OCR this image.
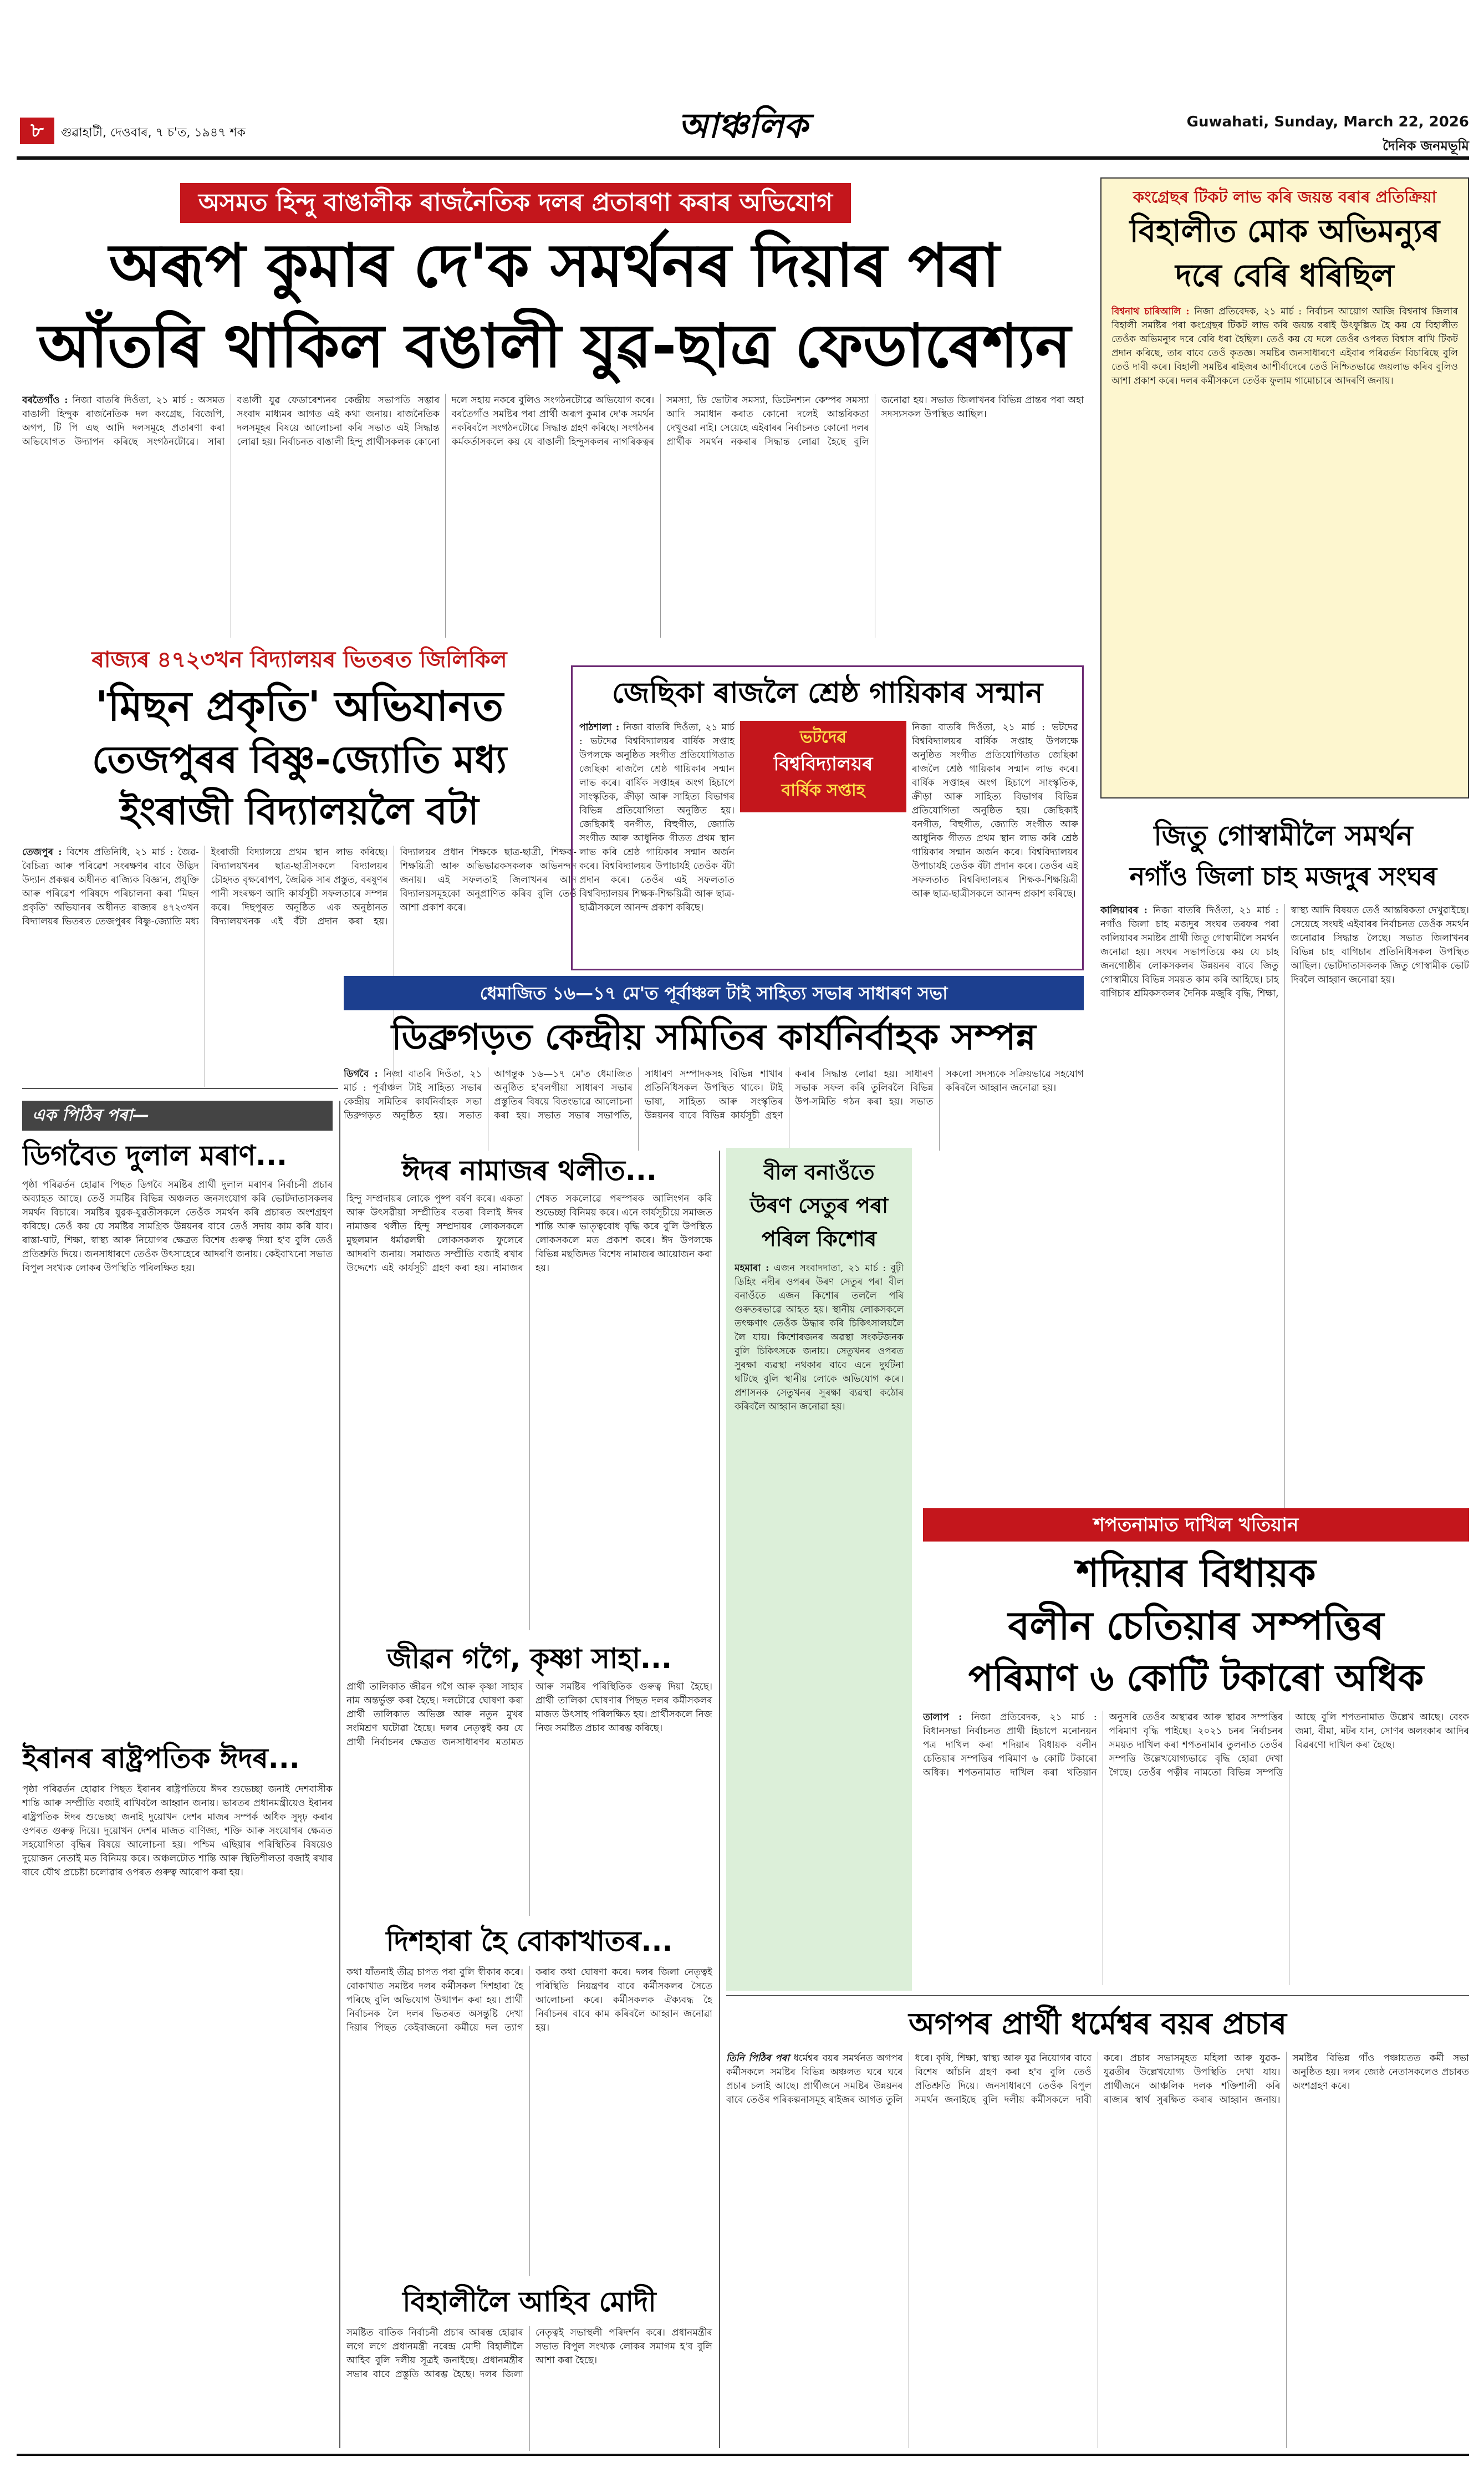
৮	গুৱাহাটী, দেওবাৰ, ৭ চ'ত, ১৯৪৭ শক	আঞ্চলিক	Guwahati, Sunday, March 22, 2026
দৈনিক জনমভূমি
অসমত হিন্দু বাঙালীক ৰাজনৈতিক দলৰ প্ৰতাৰণা কৰাৰ অভিযোগ
অৰূপ কুমাৰ দে'ক সমৰ্থনৰ দিয়াৰ পৰা
আঁতৰি থাকিল বঙালী যুৱ-ছাত্ৰ ফেডাৰেশ্যন
বৰতৈগাঁও : নিজা বাতৰি দিওঁতা, ২১ মাৰ্চ : অসমত বাঙালী হিন্দুক ৰাজনৈতিক দল কংগ্ৰেছ, বিজেপি, অগপ, টি পি এছ আদি দলসমূহে প্ৰতাৰণা কৰা অভিযোগত উদ্যাপন কৰিছে সংগঠনটোৱে। সাৰা বঙালী যুৱ ফেডাৰেশ্যনৰ কেন্দ্ৰীয় সভাপতি সম্ভাৰ সংবাদ মাধ্যমৰ আগত এই কথা জনায়। ৰাজনৈতিক দলসমূহৰ বিষয়ে আলোচনা কৰি সভাত এই সিদ্ধান্ত লোৱা হয়। নিৰ্বাচনত বাঙালী হিন্দু প্ৰাৰ্থীসকলক কোনো দলে সহায় নকৰে বুলিও সংগঠনটোৱে অভিযোগ কৰে। বৰতৈগাঁও সমষ্টিৰ পৰা প্ৰাৰ্থী অৰূপ কুমাৰ দে'ক সমৰ্থন নকৰিবলৈ সংগঠনটোৱে সিদ্ধান্ত গ্ৰহণ কৰিছে। সংগঠনৰ কৰ্মকৰ্তাসকলে কয় যে বাঙালী হিন্দুসকলৰ নাগৰিকত্বৰ সমস্যা, ডি ভোটাৰ সমস্যা, ডিটেনশ্যন কেম্পৰ সমস্যা আদি সমাধান কৰাত কোনো দলেই আন্তৰিকতা দেখুওৱা নাই। সেয়েহে এইবাৰৰ নিৰ্বাচনত কোনো দলৰ প্ৰাৰ্থীক সমৰ্থন নকৰাৰ সিদ্ধান্ত লোৱা হৈছে বুলি জনোৱা হয়। সভাত জিলাখনৰ বিভিন্ন প্ৰান্তৰ পৰা অহা সদস্যসকল উপস্থিত আছিল।
কংগ্ৰেছৰ টিকট লাভ কৰি জয়ন্ত বৰাৰ প্ৰতিক্ৰিয়া
বিহালীত মোক অভিমন্যুৰ
দৰে বেৰি ধৰিছিল
বিশ্বনাথ চাৰিআলি : নিজা প্ৰতিবেদক, ২১ মাৰ্চ : নিৰ্বাচন আয়োগ আজি বিশ্বনাথ জিলাৰ বিহালী সমষ্টিৰ পৰা কংগ্ৰেছৰ টিকট লাভ কৰি জয়ন্ত বৰাই উৎফুল্লিত হৈ কয় যে বিহালীত তেওঁক অভিমন্যুৰ দৰে বেৰি ধৰা হৈছিল। তেওঁ কয় যে দলে তেওঁৰ ওপৰত বিশ্বাস ৰাখি টিকট প্ৰদান কৰিছে, তাৰ বাবে তেওঁ কৃতজ্ঞ। সমষ্টিৰ জনসাধাৰণে এইবাৰ পৰিৱৰ্তন বিচাৰিছে বুলি তেওঁ দাবী কৰে। বিহালী সমষ্টিৰ ৰাইজৰ আশীৰ্বাদেৰে তেওঁ নিশ্চিতভাৱে জয়লাভ কৰিব বুলিও আশা প্ৰকাশ কৰে। দলৰ কৰ্মীসকলে তেওঁক ফুলাম গামোচাৰে আদৰণি জনায়।
ৰাজ্যৰ ৪৭২৩খন বিদ্যালয়ৰ ভিতৰত জিলিকিল
'মিছন প্ৰকৃতি' অভিযানত
তেজপুৰৰ বিষ্ণু-জ্যোতি মধ্য
ইংৰাজী বিদ্যালয়লৈ বটা
তেজপুৰ : বিশেষ প্ৰতিনিধি, ২১ মাৰ্চ : জৈৱ-বৈচিত্ৰ্য আৰু পৰিৱেশ সংৰক্ষণৰ বাবে উদ্ভিদ উদ্যান প্ৰকল্পৰ অধীনত ৰাজ্যিক বিজ্ঞান, প্ৰযুক্তি আৰু পৰিৱেশ পৰিষদে পৰিচালনা কৰা 'মিছন প্ৰকৃতি' অভিযানৰ অধীনত ৰাজ্যৰ ৪৭২৩খন বিদ্যালয়ৰ ভিতৰত তেজপুৰৰ বিষ্ণু-জ্যোতি মধ্য ইংৰাজী বিদ্যালয়ে প্ৰথম স্থান লাভ কৰিছে। বিদ্যালয়খনৰ ছাত্ৰ-ছাত্ৰীসকলে বিদ্যালয়ৰ চৌহদত বৃক্ষৰোপণ, জৈৱিক সাৰ প্ৰস্তুত, বৰষুণৰ পানী সংৰক্ষণ আদি কাৰ্যসূচী সফলতাৰে সম্পন্ন কৰে। দিছপুৰত অনুষ্ঠিত এক অনুষ্ঠানত বিদ্যালয়খনক এই বঁটা প্ৰদান কৰা হয়। বিদ্যালয়ৰ প্ৰধান শিক্ষকে ছাত্ৰ-ছাত্ৰী, শিক্ষক-শিক্ষয়িত্ৰী আৰু অভিভাৱকসকলক অভিনন্দন জনায়। এই সফলতাই জিলাখনৰ আন বিদ্যালয়সমূহকো অনুপ্ৰাণিত কৰিব বুলি তেওঁ আশা প্ৰকাশ কৰে।
জেছিকা ৰাজলৈ শ্ৰেষ্ঠ গায়িকাৰ সন্মান
ভটদেৱ
বিশ্ববিদ্যালয়ৰ
বাৰ্ষিক সপ্তাহ
পাঠশালা : নিজা বাতৰি দিওঁতা, ২১ মাৰ্চ : ভটদেৱ বিশ্ববিদ্যালয়ৰ বাৰ্ষিক সপ্তাহ উপলক্ষে অনুষ্ঠিত সংগীত প্ৰতিযোগিতাত জেছিকা ৰাজলৈ শ্ৰেষ্ঠ গায়িকাৰ সন্মান লাভ কৰে। বাৰ্ষিক সপ্তাহৰ অংগ হিচাপে সাংস্কৃতিক, ক্ৰীড়া আৰু সাহিত্য বিভাগৰ বিভিন্ন প্ৰতিযোগিতা অনুষ্ঠিত হয়। জেছিকাই বনগীত, বিহুগীত, জ্যোতি সংগীত আৰু আধুনিক গীতত প্ৰথম স্থান লাভ কৰি শ্ৰেষ্ঠ গায়িকাৰ সন্মান অৰ্জন কৰে। বিশ্ববিদ্যালয়ৰ উপাচাৰ্যই তেওঁক বঁটা প্ৰদান কৰে। তেওঁৰ এই সফলতাত বিশ্ববিদ্যালয়ৰ শিক্ষক-শিক্ষয়িত্ৰী আৰু ছাত্ৰ-ছাত্ৰীসকলে আনন্দ প্ৰকাশ কৰিছে।
নিজা বাতৰি দিওঁতা, ২১ মাৰ্চ : ভটদেৱ বিশ্ববিদ্যালয়ৰ বাৰ্ষিক সপ্তাহ উপলক্ষে অনুষ্ঠিত সংগীত প্ৰতিযোগিতাত জেছিকা ৰাজলৈ শ্ৰেষ্ঠ গায়িকাৰ সন্মান লাভ কৰে। বাৰ্ষিক সপ্তাহৰ অংগ হিচাপে সাংস্কৃতিক, ক্ৰীড়া আৰু সাহিত্য বিভাগৰ বিভিন্ন প্ৰতিযোগিতা অনুষ্ঠিত হয়। জেছিকাই বনগীত, বিহুগীত, জ্যোতি সংগীত আৰু আধুনিক গীতত প্ৰথম স্থান লাভ কৰি শ্ৰেষ্ঠ গায়িকাৰ সন্মান অৰ্জন কৰে। বিশ্ববিদ্যালয়ৰ উপাচাৰ্যই তেওঁক বঁটা প্ৰদান কৰে। তেওঁৰ এই সফলতাত বিশ্ববিদ্যালয়ৰ শিক্ষক-শিক্ষয়িত্ৰী আৰু ছাত্ৰ-ছাত্ৰীসকলে আনন্দ প্ৰকাশ কৰিছে।
জিতু গোস্বামীলৈ সমৰ্থন
নগাঁও জিলা চাহ মজদুৰ সংঘৰ
কালিয়াবৰ : নিজা বাতৰি দিওঁতা, ২১ মাৰ্চ : নগাঁও জিলা চাহ মজদুৰ সংঘৰ তৰফৰ পৰা কালিয়াবৰ সমষ্টিৰ প্ৰাৰ্থী জিতু গোস্বামীলৈ সমৰ্থন জনোৱা হয়। সংঘৰ সভাপতিয়ে কয় যে চাহ জনগোষ্ঠীৰ লোকসকলৰ উন্নয়নৰ বাবে জিতু গোস্বামীয়ে বিভিন্ন সময়ত কাম কৰি আহিছে। চাহ বাগিচাৰ শ্ৰমিকসকলৰ দৈনিক মজুৰি বৃদ্ধি, শিক্ষা, স্বাস্থ্য আদি বিষয়ত তেওঁ আন্তৰিকতা দেখুৱাইছে। সেয়েহে সংঘই এইবাৰৰ নিৰ্বাচনত তেওঁক সমৰ্থন জনোৱাৰ সিদ্ধান্ত লৈছে। সভাত জিলাখনৰ বিভিন্ন চাহ বাগিচাৰ প্ৰতিনিধিসকল উপস্থিত আছিল। ভোটদাতাসকলক জিতু গোস্বামীক ভোট দিবলৈ আহ্বান জনোৱা হয়।
ধেমাজিত ১৬—১৭ মে'ত পূৰ্বাঞ্চল টাই সাহিত্য সভাৰ সাধাৰণ সভা
ডিব্ৰুগড়ত কেন্দ্ৰীয় সমিতিৰ কাৰ্যনিৰ্বাহক সম্পন্ন
ডিগবৈ : নিজা বাতৰি দিওঁতা, ২১ মাৰ্চ : পূৰ্বাঞ্চল টাই সাহিত্য সভাৰ কেন্দ্ৰীয় সমিতিৰ কাৰ্যনিৰ্বাহক সভা ডিব্ৰুগড়ত অনুষ্ঠিত হয়। সভাত আগন্তুক ১৬—১৭ মে'ত ধেমাজিত অনুষ্ঠিত হ'বলগীয়া সাধাৰণ সভাৰ প্ৰস্তুতিৰ বিষয়ে বিতংভাৱে আলোচনা কৰা হয়। সভাত সভাৰ সভাপতি, সাধাৰণ সম্পাদকসহ বিভিন্ন শাখাৰ প্ৰতিনিধিসকল উপস্থিত থাকে। টাই ভাষা, সাহিত্য আৰু সংস্কৃতিৰ উন্নয়নৰ বাবে বিভিন্ন কাৰ্যসূচী গ্ৰহণ কৰাৰ সিদ্ধান্ত লোৱা হয়। সাধাৰণ সভাক সফল কৰি তুলিবলৈ বিভিন্ন উপ-সমিতি গঠন কৰা হয়। সভাত সকলো সদস্যকে সক্ৰিয়ভাৱে সহযোগ কৰিবলৈ আহ্বান জনোৱা হয়।
এক পিঠিৰ পৰা—
ডিগবৈত দুলাল মৰাণ...
পৃষ্ঠা পৰিৱৰ্তন হোৱাৰ পিছত ডিগবৈ সমষ্টিৰ প্ৰাৰ্থী দুলাল মৰাণৰ নিৰ্বাচনী প্ৰচাৰ অব্যাহত আছে। তেওঁ সমষ্টিৰ বিভিন্ন অঞ্চলত জনসংযোগ কৰি ভোটদাতাসকলৰ সমৰ্থন বিচাৰে। সমষ্টিৰ যুৱক-যুৱতীসকলে তেওঁক সমৰ্থন কৰি প্ৰচাৰত অংশগ্ৰহণ কৰিছে। তেওঁ কয় যে সমষ্টিৰ সামগ্ৰিক উন্নয়নৰ বাবে তেওঁ সদায় কাম কৰি যাব। ৰাস্তা-ঘাট, শিক্ষা, স্বাস্থ্য আৰু নিয়োগৰ ক্ষেত্ৰত বিশেষ গুৰুত্ব দিয়া হ'ব বুলি তেওঁ প্ৰতিশ্ৰুতি দিয়ে। জনসাধাৰণে তেওঁক উৎসাহেৰে আদৰণি জনায়। কেইবাখনো সভাত বিপুল সংখ্যক লোকৰ উপস্থিতি পৰিলক্ষিত হয়।
ইৰানৰ ৰাষ্ট্ৰপতিক ঈদৰ...
পৃষ্ঠা পৰিৱৰ্তন হোৱাৰ পিছত ইৰানৰ ৰাষ্ট্ৰপতিয়ে ঈদৰ শুভেচ্ছা জনাই দেশবাসীক শান্তি আৰু সম্প্ৰীতি বজাই ৰাখিবলৈ আহ্বান জনায়। ভাৰতৰ প্ৰধানমন্ত্ৰীয়েও ইৰানৰ ৰাষ্ট্ৰপতিক ঈদৰ শুভেচ্ছা জনাই দুয়োখন দেশৰ মাজৰ সম্পৰ্ক অধিক সুদৃঢ় কৰাৰ ওপৰত গুৰুত্ব দিয়ে। দুয়োখন দেশৰ মাজত বাণিজ্য, শক্তি আৰু সংযোগৰ ক্ষেত্ৰত সহযোগিতা বৃদ্ধিৰ বিষয়ে আলোচনা হয়। পশ্চিম এছিয়াৰ পৰিস্থিতিৰ বিষয়েও দুয়োজন নেতাই মত বিনিময় কৰে। অঞ্চলটোত শান্তি আৰু স্থিতিশীলতা বজাই ৰখাৰ বাবে যৌথ প্ৰচেষ্টা চলোৱাৰ ওপৰত গুৰুত্ব আৰোপ কৰা হয়।
ঈদৰ নামাজৰ থলীত...
হিন্দু সম্প্ৰদায়ৰ লোকে পুষ্প বৰ্ষণ কৰে। একতা আৰু উৎসৱীয়া সম্প্ৰীতিৰ বতৰা বিলাই ঈদৰ নামাজৰ থলীত হিন্দু সম্প্ৰদায়ৰ লোকসকলে মুছলমান ধৰ্মাৱলম্বী লোকসকলক ফুলেৰে আদৰণি জনায়। সমাজত সম্প্ৰীতি বজাই ৰখাৰ উদ্দেশ্যে এই কাৰ্যসূচী গ্ৰহণ কৰা হয়। নামাজৰ শেষত সকলোৱে পৰস্পৰক আলিংগন কৰি শুভেচ্ছা বিনিময় কৰে। এনে কাৰ্যসূচীয়ে সমাজত শান্তি আৰু ভাতৃত্ববোধ বৃদ্ধি কৰে বুলি উপস্থিত লোকসকলে মত প্ৰকাশ কৰে। ঈদ উপলক্ষে বিভিন্ন মছজিদত বিশেষ নামাজৰ আয়োজন কৰা হয়।
জীৱন গগৈ, কৃষ্ণা সাহা...
প্ৰাৰ্থী তালিকাত জীৱন গগৈ আৰু কৃষ্ণা সাহাৰ নাম অন্তৰ্ভুক্ত কৰা হৈছে। দলটোৱে ঘোষণা কৰা প্ৰাৰ্থী তালিকাত অভিজ্ঞ আৰু নতুন মুখৰ সংমিশ্ৰণ ঘটোৱা হৈছে। দলৰ নেতৃত্বই কয় যে প্ৰাৰ্থী নিৰ্বাচনৰ ক্ষেত্ৰত জনসাধাৰণৰ মতামত আৰু সমষ্টিৰ পৰিস্থিতিক গুৰুত্ব দিয়া হৈছে। প্ৰাৰ্থী তালিকা ঘোষণাৰ পিছত দলৰ কৰ্মীসকলৰ মাজত উৎসাহ পৰিলক্ষিত হয়। প্ৰাৰ্থীসকলে নিজ নিজ সমষ্টিত প্ৰচাৰ আৰম্ভ কৰিছে।
দিশহাৰা হৈ বোকাখাতৰ...
কথা যাঁতনাই তীব্ৰ চাপত পৰা বুলি স্বীকাৰ কৰে। বোকাখাত সমষ্টিৰ দলৰ কৰ্মীসকল দিশহাৰা হৈ পৰিছে বুলি অভিযোগ উত্থাপন কৰা হয়। প্ৰাৰ্থী নিৰ্বাচনক লৈ দলৰ ভিতৰত অসন্তুষ্টি দেখা দিয়াৰ পিছত কেইবাজনো কৰ্মীয়ে দল ত্যাগ কৰাৰ কথা ঘোষণা কৰে। দলৰ জিলা নেতৃত্বই পৰিস্থিতি নিয়ন্ত্ৰণৰ বাবে কৰ্মীসকলৰ সৈতে আলোচনা কৰে। কৰ্মীসকলক ঐক্যবদ্ধ হৈ নিৰ্বাচনৰ বাবে কাম কৰিবলৈ আহ্বান জনোৱা হয়।
বিহালীলৈ আহিব মোদী
সমষ্টিত বাতিক নিৰ্বাচনী প্ৰচাৰ আৰম্ভ হোৱাৰ লগে লগে প্ৰধানমন্ত্ৰী নৰেন্দ্ৰ মোদী বিহালীলৈ আহিব বুলি দলীয় সূত্ৰই জনাইছে। প্ৰধানমন্ত্ৰীৰ সভাৰ বাবে প্ৰস্তুতি আৰম্ভ হৈছে। দলৰ জিলা নেতৃত্বই সভাস্থলী পৰিদৰ্শন কৰে। প্ৰধানমন্ত্ৰীৰ সভাত বিপুল সংখ্যক লোকৰ সমাগম হ'ব বুলি আশা কৰা হৈছে।
বীল বনাওঁতে
উৰণ সেতুৰ পৰা
পৰিল কিশোৰ
মহমাৰা : এজন সংবাদদাতা, ২১ মাৰ্চ : বুঢ়ী ডিহিং নদীৰ ওপৰৰ উৰণ সেতুৰ পৰা বীল বনাওঁতে এজন কিশোৰ তললৈ পৰি গুৰুতৰভাৱে আহত হয়। স্থানীয় লোকসকলে তৎক্ষণাৎ তেওঁক উদ্ধাৰ কৰি চিকিৎসালয়লৈ লৈ যায়। কিশোৰজনৰ অৱস্থা সংকটজনক বুলি চিকিৎসকে জনায়। সেতুখনৰ ওপৰত সুৰক্ষা ব্যৱস্থা নথকাৰ বাবে এনে দুৰ্ঘটনা ঘটিছে বুলি স্থানীয় লোকে অভিযোগ কৰে। প্ৰশাসনক সেতুখনৰ সুৰক্ষা ব্যৱস্থা কঠোৰ কৰিবলৈ আহ্বান জনোৱা হয়।
শপতনামাত দাখিল খতিয়ান
শদিয়াৰ বিধায়ক
বলীন চেতিয়াৰ সম্পত্তিৰ
পৰিমাণ ৬ কোটি টকাৰো অধিক
তালাপ : নিজা প্ৰতিবেদক, ২১ মাৰ্চ : বিধানসভা নিৰ্বাচনত প্ৰাৰ্থী হিচাপে মনোনয়ন পত্ৰ দাখিল কৰা শদিয়াৰ বিধায়ক বলীন চেতিয়াৰ সম্পত্তিৰ পৰিমাণ ৬ কোটি টকাৰো অধিক। শপতনামাত দাখিল কৰা খতিয়ান অনুসৰি তেওঁৰ অস্থাৱৰ আৰু স্থাৱৰ সম্পত্তিৰ পৰিমাণ বৃদ্ধি পাইছে। ২০২১ চনৰ নিৰ্বাচনৰ সময়ত দাখিল কৰা শপতনামাৰ তুলনাত তেওঁৰ সম্পত্তি উল্লেখযোগ্যভাৱে বৃদ্ধি হোৱা দেখা গৈছে। তেওঁৰ পত্নীৰ নামতো বিভিন্ন সম্পত্তি আছে বুলি শপতনামাত উল্লেখ আছে। বেংক জমা, বীমা, মটৰ যান, সোণৰ অলংকাৰ আদিৰ বিৱৰণো দাখিল কৰা হৈছে।
অগপৰ প্ৰাৰ্থী ধৰ্মেশ্বৰ বয়ৰ প্ৰচাৰ
তিনি পিঠিৰ পৰা ধৰ্মেশ্বৰ বয়ৰ সমৰ্থনত অগপৰ কৰ্মীসকলে সমষ্টিৰ বিভিন্ন অঞ্চলত ঘৰে ঘৰে প্ৰচাৰ চলাই আছে। প্ৰাৰ্থীজনে সমষ্টিৰ উন্নয়নৰ বাবে তেওঁৰ পৰিকল্পনাসমূহ ৰাইজৰ আগত তুলি ধৰে। কৃষি, শিক্ষা, স্বাস্থ্য আৰু যুৱ নিয়োগৰ বাবে বিশেষ আঁচনি গ্ৰহণ কৰা হ'ব বুলি তেওঁ প্ৰতিশ্ৰুতি দিয়ে। জনসাধাৰণে তেওঁক বিপুল সমৰ্থন জনাইছে বুলি দলীয় কৰ্মীসকলে দাবী কৰে। প্ৰচাৰ সভাসমূহত মহিলা আৰু যুৱক-যুৱতীৰ উল্লেখযোগ্য উপস্থিতি দেখা যায়। প্ৰাৰ্থীজনে আঞ্চলিক দলক শক্তিশালী কৰি ৰাজ্যৰ স্বাৰ্থ সুৰক্ষিত কৰাৰ আহ্বান জনায়। সমষ্টিৰ বিভিন্ন গাঁও পঞ্চায়তত কৰ্মী সভা অনুষ্ঠিত হয়। দলৰ জ্যেষ্ঠ নেতাসকলেও প্ৰচাৰত অংশগ্ৰহণ কৰে।
